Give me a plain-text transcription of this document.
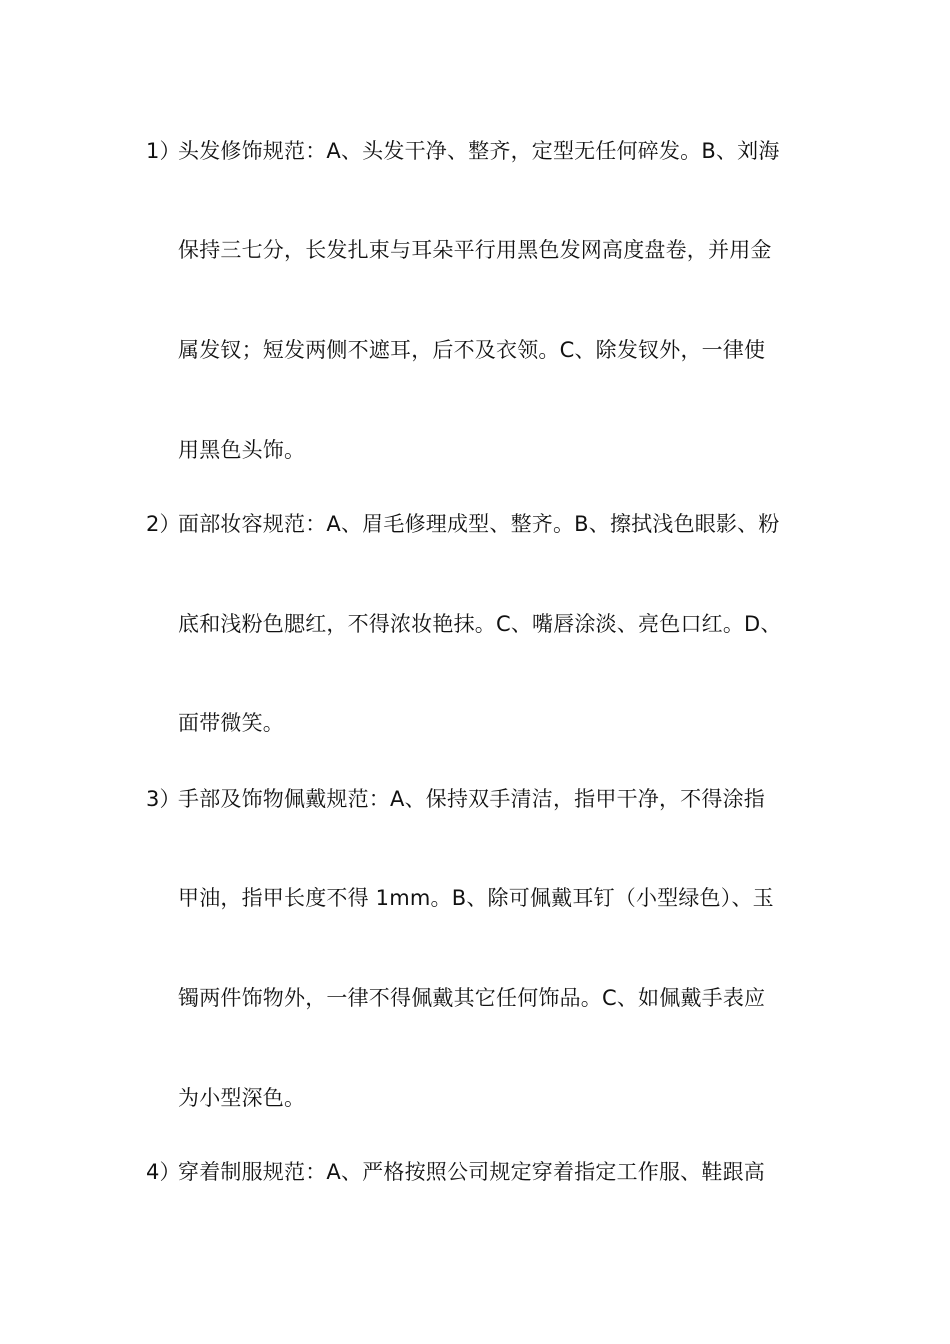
1）
头发修饰规范：A、头发干净、整齐，定型无任何碎发。B、刘海
保持三七分，长发扎束与耳朵平行用黑色发网高度盘卷，并用金
属发钗；短发两侧不遮耳，后不及衣领。C、除发钗外，一律使
用黑色头饰。
2）
面部妆容规范：A、眉毛修理成型、整齐。B、擦拭浅色眼影、粉
底和浅粉色腮红，不得浓妆艳抹。C、嘴唇涂淡、亮色口红。D、
面带微笑。
3）
手部及饰物佩戴规范：A、保持双手清洁，指甲干净，不得涂指
甲油，指甲长度不得 1mm。B、除可佩戴耳钉（小型绿色）、玉
镯两件饰物外，一律不得佩戴其它任何饰品。C、如佩戴手表应
为小型深色。
4）
穿着制服规范：A、严格按照公司规定穿着指定工作服、鞋跟高
